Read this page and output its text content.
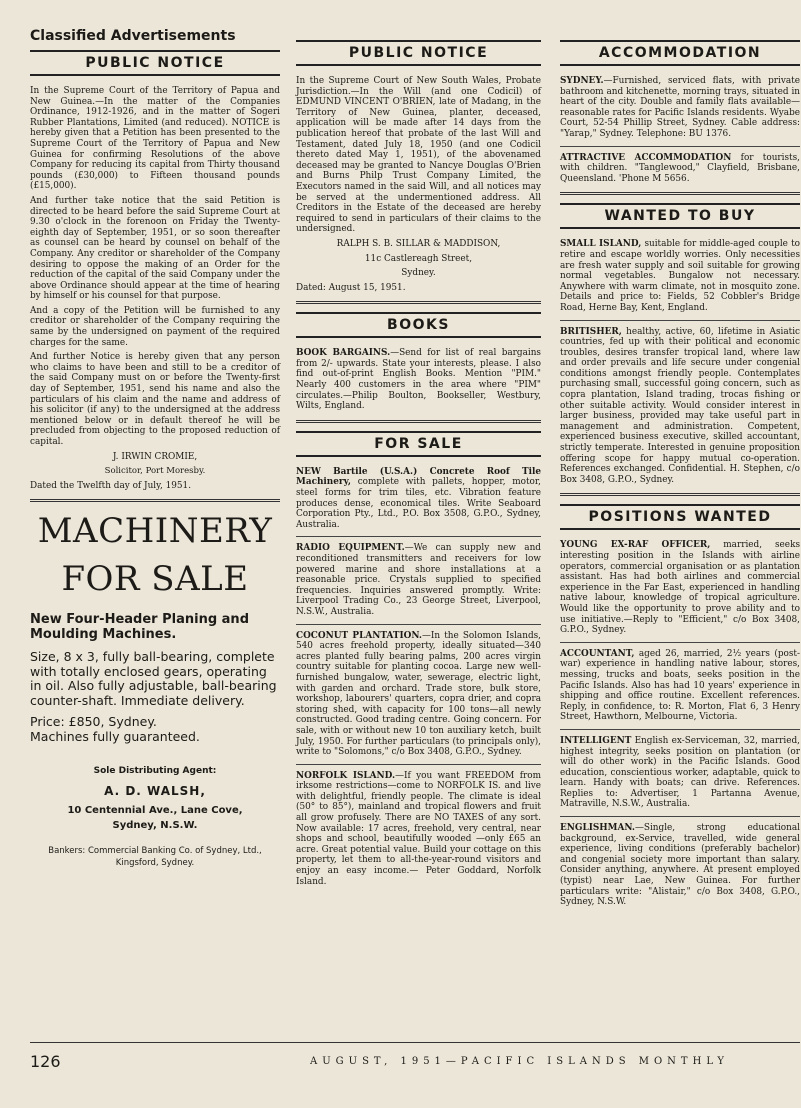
Classified Advertisements
PUBLIC NOTICE

In the Supreme Court of the Territory of Papua and New Guinea.—In the matter of the Companies Ordinance, 1912-1926, and in the matter of Sogeri Rubber Plantations, Limited (and reduced). NOTICE is hereby given that a Petition has been presented to the Supreme Court of the Territory of Papua and New Guinea for confirming Resolutions of the above Company for reducing its capital from Thirty thousand pounds (£30,000) to Fifteen thousand pounds (£15,000).

And further take notice that the said Petition is directed to be heard before the said Supreme Court at 9.30 o'clock in the forenoon on Friday the Twenty-eighth day of September, 1951, or so soon thereafter as counsel can be heard by counsel on behalf of the Company. Any creditor or shareholder of the Company desiring to oppose the making of an Order for the reduction of the capital of the said Company under the above Ordinance should appear at the time of hearing by himself or his counsel for that purpose.

And a copy of the Petition will be furnished to any creditor or shareholder of the Company requiring the same by the undersigned on payment of the required charges for the same.

And further Notice is hereby given that any person who claims to have been and still to be a creditor of the said Company must on or before the Twenty-first day of September, 1951, send his name and also the particulars of his claim and the name and address of his solicitor (if any) to the undersigned at the address mentioned below or in default thereof he will be precluded from objecting to the proposed reduction of capital.

J. IRWIN CROMIE,
Solicitor, Port Moresby.

Dated the Twelfth day of July, 1951.

MACHINERY
FOR SALE
New Four-Header Planing and Moulding Machines.
Size, 8 x 3, fully ball-bearing, complete with totally enclosed gears, operating in oil. Also fully adjustable, ball-bearing counter-shaft. Immediate delivery.
Price: £850, Sydney.
Machines fully guaranteed.
Sole Distributing Agent:
A. D. WALSH,
10 Centennial Ave., Lane Cove,
Sydney, N.S.W.
Bankers: Commercial Banking Co. of Sydney, Ltd., Kingsford, Sydney.
PUBLIC NOTICE

In the Supreme Court of New South Wales, Probate Jurisdiction.—In the Will (and one Codicil) of EDMUND VINCENT O'BRIEN, late of Madang, in the Territory of New Guinea, planter, deceased, application will be made after 14 days from the publication hereof that probate of the last Will and Testament, dated July 18, 1950 (and one Codicil thereto dated May 1, 1951), of the abovenamed deceased may be granted to Nancye Douglas O'Brien and Burns Philp Trust Company Limited, the Executors named in the said Will, and all notices may be served at the undermentioned address. All Creditors in the Estate of the deceased are hereby required to send in particulars of their claims to the undersigned.

RALPH S. B. SILLAR & MADDISON,
11c Castlereagh Street,
Sydney.

Dated: August 15, 1951.

BOOKS

BOOK BARGAINS.—Send for list of real bargains from 2/- upwards. State your interests, please. I also find out-of-print English Books. Mention "PIM." Nearly 400 customers in the area where "PIM" circulates.—Philip Boulton, Bookseller, Westbury, Wilts, England.

FOR SALE

NEW Bartile (U.S.A.) Concrete Roof Tile Machinery, complete with pallets, hopper, motor, steel forms for trim tiles, etc. Vibration feature produces dense, economical tiles. Write Seaboard Corporation Pty., Ltd., P.O. Box 3508, G.P.O., Sydney, Australia.

RADIO EQUIPMENT.—We can supply new and reconditioned transmitters and receivers for low powered marine and shore installations at a reasonable price. Crystals supplied to specified frequencies. Inquiries answered promptly. Write: Liverpool Trading Co., 23 George Street, Liverpool, N.S.W., Australia.

COCONUT PLANTATION.—In the Solomon Islands, 540 acres freehold property, ideally situated—340 acres planted fully bearing palms, 200 acres virgin country suitable for planting cocoa. Large new well-furnished bungalow, water, sewerage, electric light, with garden and orchard. Trade store, bulk store, workshop, labourers' quarters, copra drier, and copra storing shed, with capacity for 100 tons—all newly constructed. Good trading centre. Going concern. For sale, with or without new 10 ton auxiliary ketch, built July, 1950. For further particulars (to principals only), write to "Solomons," c/o Box 3408, G.P.O., Sydney.

NORFOLK ISLAND.—If you want FREEDOM from irksome restrictions—come to NORFOLK IS. and live with delightful, friendly people. The climate is ideal (50° to 85°), mainland and tropical flowers and fruit all grow profusely. There are NO TAXES of any sort. Now available: 17 acres, freehold, very central, near shops and school, beautifully wooded —only £65 an acre. Great potential value. Build your cottage on this property, let them to all-the-year-round visitors and enjoy an easy income.— Peter Goddard, Norfolk Island.

ACCOMMODATION

SYDNEY.—Furnished, serviced flats, with private bathroom and kitchenette, morning trays, situated in heart of the city. Double and family flats available—reasonable rates for Pacific Islands residents. Wyabe Court, 52-54 Phillip Street, Sydney. Cable address: "Yarap," Sydney. Telephone: BU 1376.

ATTRACTIVE ACCOMMODATION for tourists, with children. "Tanglewood," Clayfield, Brisbane, Queensland. 'Phone M 5656.

WANTED TO BUY

SMALL ISLAND, suitable for middle-aged couple to retire and escape worldly worries. Only necessities are fresh water supply and soil suitable for growing normal vegetables. Bungalow not necessary. Anywhere with warm climate, not in mosquito zone. Details and price to: Fields, 52 Cobbler's Bridge Road, Herne Bay, Kent, England.

BRITISHER, healthy, active, 60, lifetime in Asiatic countries, fed up with their political and economic troubles, desires transfer tropical land, where law and order prevails and life secure under congenial conditions amongst friendly people. Contemplates purchasing small, successful going concern, such as copra plantation, Island trading, trocas fishing or other suitable activity. Would consider interest in larger business, provided may take useful part in management and administration. Competent, experienced business executive, skilled accountant, strictly temperate. Interested in genuine proposition offering scope for happy mutual co-operation. References exchanged. Confidential. H. Stephen, c/o Box 3408, G.P.O., Sydney.

POSITIONS WANTED

YOUNG EX-RAF OFFICER, married, seeks interesting position in the Islands with airline operators, commercial organisation or as plantation assistant. Has had both airlines and commercial experience in the Far East, experienced in handling native labour, knowledge of tropical agriculture. Would like the opportunity to prove ability and to use initiative.—Reply to "Efficient," c/o Box 3408, G.P.O., Sydney.

ACCOUNTANT, aged 26, married, 2½ years (post-war) experience in handling native labour, stores, messing, trucks and boats, seeks position in the Pacific Islands. Also has had 10 years' experience in shipping and office routine. Excellent references. Reply, in confidence, to: R. Morton, Flat 6, 3 Henry Street, Hawthorn, Melbourne, Victoria.

INTELLIGENT English ex-Serviceman, 32, married, highest integrity, seeks position on plantation (or will do other work) in the Pacific Islands. Good education, conscientious worker, adaptable, quick to learn. Handy with boats; can drive. References. Replies to: Advertiser, 1 Partanna Avenue, Matraville, N.S.W., Australia.

ENGLISHMAN.—Single, strong educational background, ex-Service, travelled, wide general experience, living conditions (preferably bachelor) and congenial society more important than salary. Consider anything, anywhere. At present employed (typist) near Lae, New Guinea. For further particulars write: "Alistair," c/o Box 3408, G.P.O., Sydney, N.S.W.

126	AUGUST, 1951—PACIFIC ISLANDS MONTHLY
